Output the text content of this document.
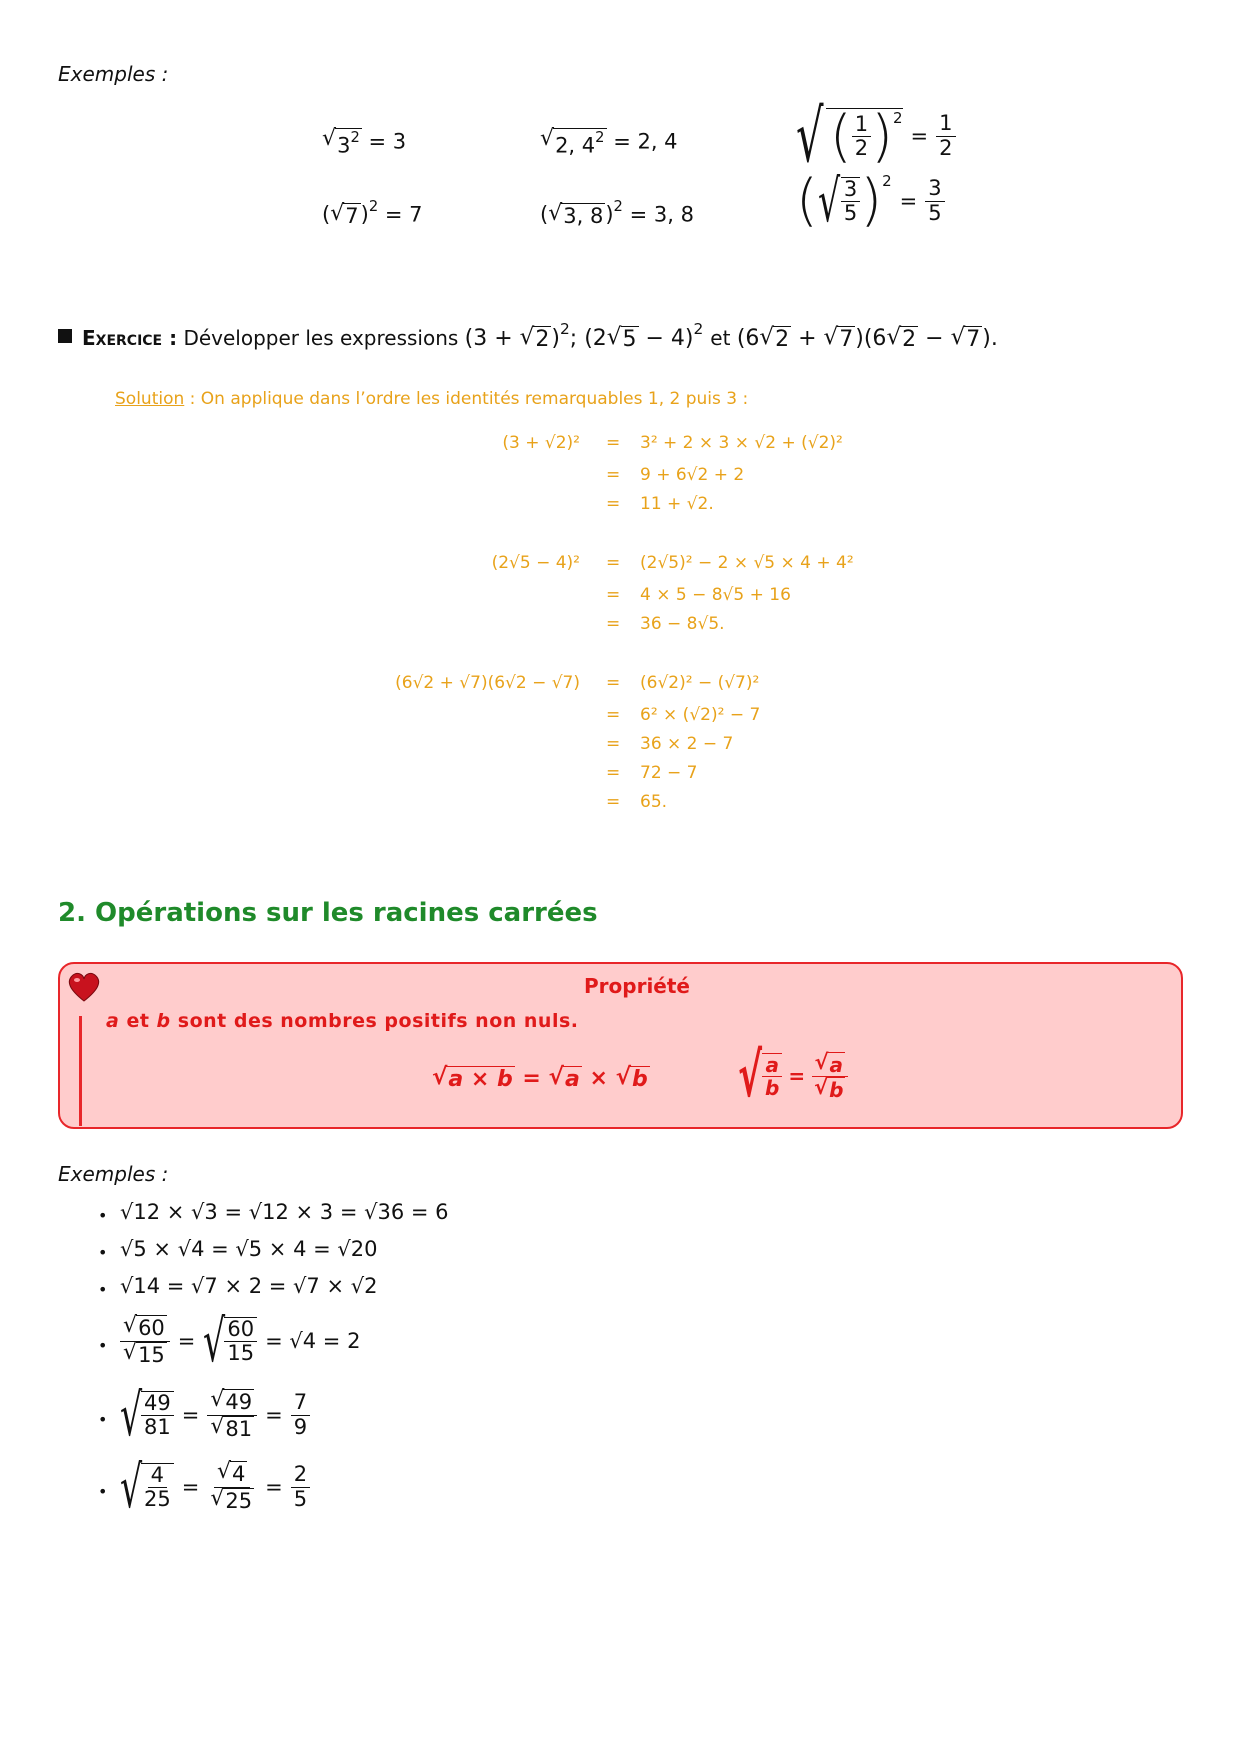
Exemples :
√ $3^2 = 3$	√ 2, $4^2 = 2$, 4 √ ( $\frac{1}{2} )^2$
= $\frac{1}{2}$
( √ 7 )$^2$ = 7	( √ 3, 8 )$^2$ = 3, 8 ( √ $\frac{3}{5} )^2$
= $\frac{3}{5}$
Exercice : Développer les expressions (3 + √ 2 )$^2$; (2 √ 5 − 4)$^2$ et (6 √ 2 + √ 7 )(6 √ 2 − √ 7 ).
Solution : On applique dans l’ordre les identités remarquables 1, 2 puis 3 :
(3 + √2)² = 3² + 2 × 3 × √2 + (√2)²
= 9 + 6√2 + 2
= 11 + √2.
(2√5 − 4)² = (2√5)² − 2 × √5 × 4 + 4²
= 4 × 5 − 8√5 + 16
= 36 − 8√5.
(6√2 + √7)(6√2 − √7) = (6√2)² − (√7)²
= 6² × (√2)² − 7
= 36 × 2 − 7
= 72 − 7
= 65.
2. Opérations sur les racines carrées
Propriété
a et b sont des nombres positifs non nuls.
√ a × b = √ a × √ b √ $\frac{a}{b} = \frac{√ a}{√ b}$
Exemples :
• √12 × √3 = √12 × 3 = √36 = 6
• √5 × √4 = √5 × 4 = √20
• √14 = √7 × 2 = √7 × √2
• $\frac{√ 60}{√ 15}$ = √
$\frac{60}{15} = √4 = 2$
• √
$\frac{49}{81} = \frac{√ 49}{√ 81} = \frac{7}{9}$
• √
$\frac{4}{25} = \frac{√ 4}{√ 25} = \frac{2}{5}$
